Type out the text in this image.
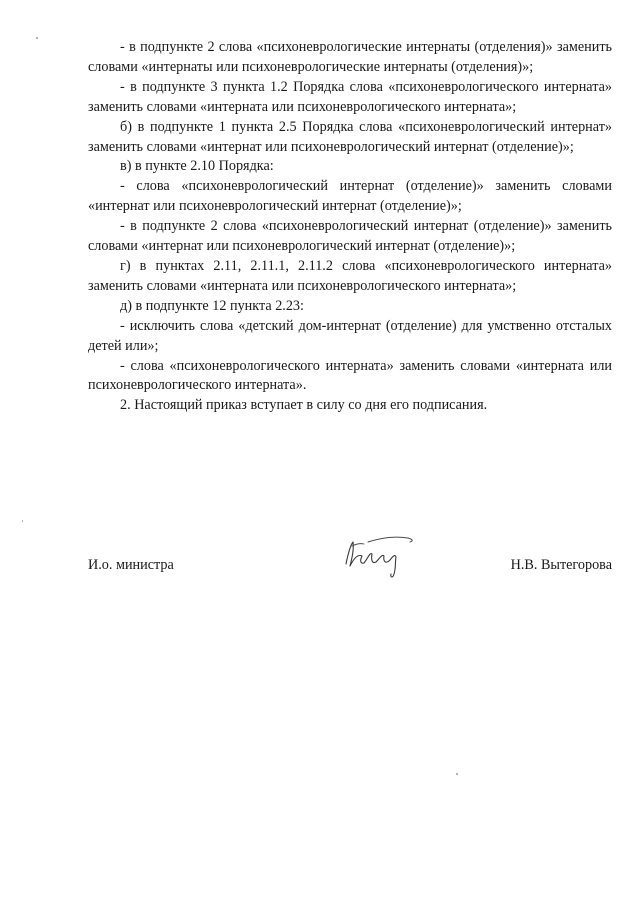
- в подпункте 2 слова «психоневрологические интернаты (отделения)» заменить словами «интернаты или психоневрологические интернаты (отделения)»;

- в подпункте 3 пункта 1.2 Порядка слова «психоневрологического интерната» заменить словами «интерната или психоневрологического интерната»;

б) в подпункте 1 пункта 2.5 Порядка слова «психоневрологический интернат» заменить словами «интернат или психоневрологический интернат (отделение)»;

в) в пункте 2.10 Порядка:

- слова «психоневрологический интернат (отделение)» заменить словами «интернат или психоневрологический интернат (отделение)»;

- в подпункте 2 слова «психоневрологический интернат (отделение)» заменить словами «интернат или психоневрологический интернат (отделение)»;

г) в пунктах 2.11, 2.11.1, 2.11.2 слова «психоневрологического интерната» заменить словами «интерната или психоневрологического интерната»;

д) в подпункте 12 пункта 2.23:

- исключить слова «детский дом-интернат (отделение) для умственно отсталых детей или»;

- слова «психоневрологического интерната» заменить словами «интерната или психоневрологического интерната».

2. Настоящий приказ вступает в силу со дня его подписания.

И.о. министра	Н.В. Вытегорова
